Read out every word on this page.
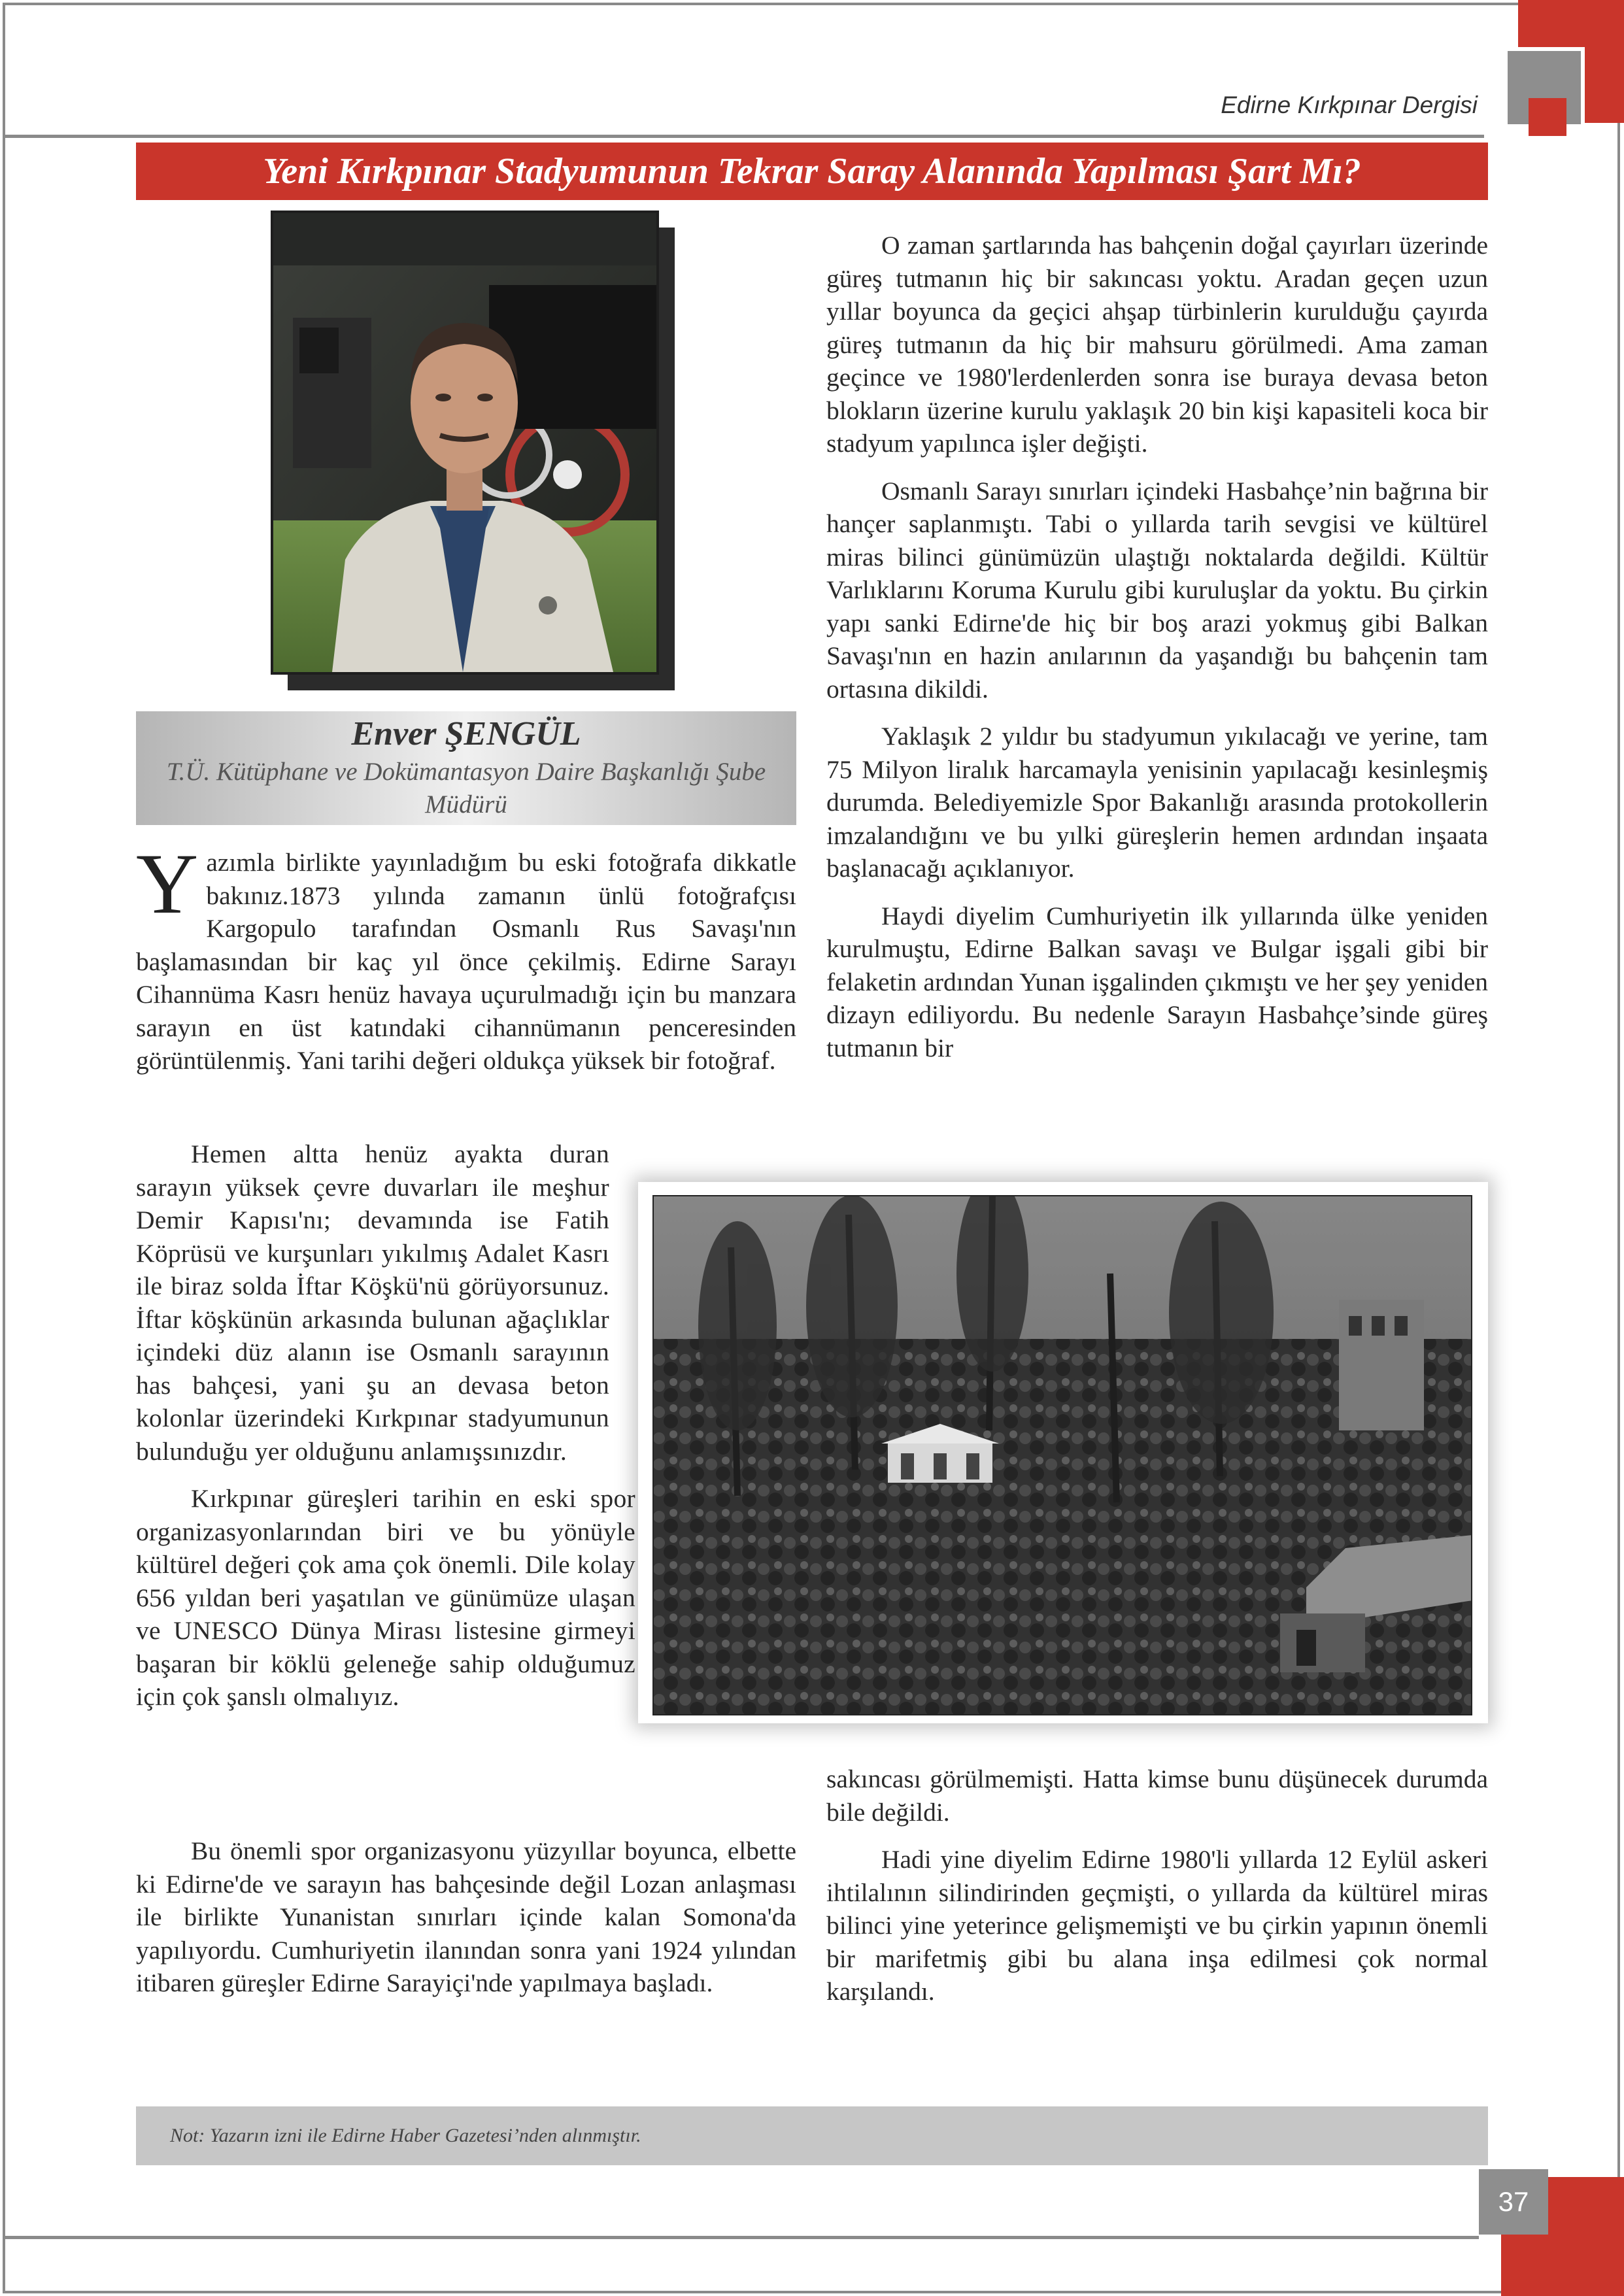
Edirne Kırkpınar Dergisi
Yeni Kırkpınar Stadyumunun Tekrar Saray Alanında Yapılması Şart Mı?
Enver ŞENGÜL
T.Ü. Kütüphane ve Dokümantasyon Daire Başkanlığı Şube Müdürü

Yazımla birlikte yayınladığım bu eski fotoğrafa dikkatle bakınız.1873 yılında zamanın ünlü fotoğrafçısı Kargopulo tarafından Osmanlı Rus Savaşı'nın başlamasından bir kaç yıl önce çekilmiş. Edirne Sarayı Cihannüma Kasrı henüz havaya uçurulmadığı için bu manzara sarayın en üst katındaki cihannümanın penceresinden görüntülenmiş. Yani tarihi değeri oldukça yüksek bir fotoğraf.

Hemen altta henüz ayakta duran sarayın yüksek çevre duvarları ile meşhur Demir Kapısı'nı; devamında ise Fatih Köprüsü ve kurşunları yıkılmış Adalet Kasrı ile biraz solda İftar Köşkü'nü görüyorsunuz. İftar köşkünün arkasında bulunan ağaçlıklar içindeki düz alanın ise Osmanlı sarayının has bahçesi, yani şu an devasa beton kolonlar üzerindeki Kırkpınar stadyumunun bulunduğu yer olduğunu anlamışsınızdır.

Kırkpınar güreşleri tarihin en eski spor organizasyonlarından biri ve bu yönüyle kültürel değeri çok ama çok önemli. Dile kolay 656 yıldan beri yaşatılan ve günümüze ulaşan ve UNESCO Dünya Mirası listesine girmeyi başaran bir köklü geleneğe sahip olduğumuz için çok şanslı olmalıyız.

Bu önemli spor organizasyonu yüzyıllar boyunca, elbette ki Edirne'de ve sarayın has bahçesinde değil Lozan anlaşması ile birlikte Yunanistan sınırları içinde kalan Somona'da yapılıyordu. Cumhuriyetin ilanından sonra yani 1924 yılından itibaren güreşler Edirne Sarayiçi'nde yapılmaya başladı.

O zaman şartlarında has bahçenin doğal çayırları üzerinde güreş tutmanın hiç bir sakıncası yoktu. Aradan geçen uzun yıllar boyunca da geçici ahşap türbinlerin kurulduğu çayırda güreş tutmanın da hiç bir mahsuru görülmedi. Ama zaman geçince ve 1980'lerdenlerden sonra ise buraya devasa beton blokların üzerine kurulu yaklaşık 20 bin kişi kapasiteli koca bir stadyum yapılınca işler değişti.

Osmanlı Sarayı sınırları içindeki Hasbahçe’nin bağrına bir hançer saplanmıştı. Tabi o yıllarda tarih sevgisi ve kültürel miras bilinci günümüzün ulaştığı noktalarda değildi. Kültür Varlıklarını Koruma Kurulu gibi kuruluşlar da yoktu. Bu çirkin yapı sanki Edirne'de hiç bir boş arazi yokmuş gibi Balkan Savaşı'nın en hazin anılarının da yaşandığı bu bahçenin tam ortasına dikildi.

Yaklaşık 2 yıldır bu stadyumun yıkılacağı ve yerine, tam 75 Milyon liralık harcamayla yenisinin yapılacağı kesinleşmiş durumda. Belediyemizle Spor Bakanlığı arasında protokollerin imzalandığını ve bu yılki güreşlerin hemen ardından inşaata başlanacağı açıklanıyor.

Haydi diyelim Cumhuriyetin ilk yıllarında ülke yeniden kurulmuştu, Edirne Balkan savaşı ve Bulgar işgali gibi bir felaketin ardından Yunan işgalinden çıkmıştı ve her şey yeniden dizayn ediliyordu. Bu nedenle Sarayın Hasbahçe’sinde güreş tutmanın bir

sakıncası görülmemişti. Hatta kimse bunu düşünecek durumda bile değildi.

Hadi yine diyelim Edirne 1980'li yıllarda 12 Eylül askeri ihtilalının silindirinden geçmişti, o yıllarda da kültürel miras bilinci yine yeterince gelişmemişti ve bu çirkin yapının önemli bir marifetmiş gibi bu alana inşa edilmesi çok normal karşılandı.

Not: Yazarın izni ile Edirne Haber Gazetesi’nden alınmıştır.
37
